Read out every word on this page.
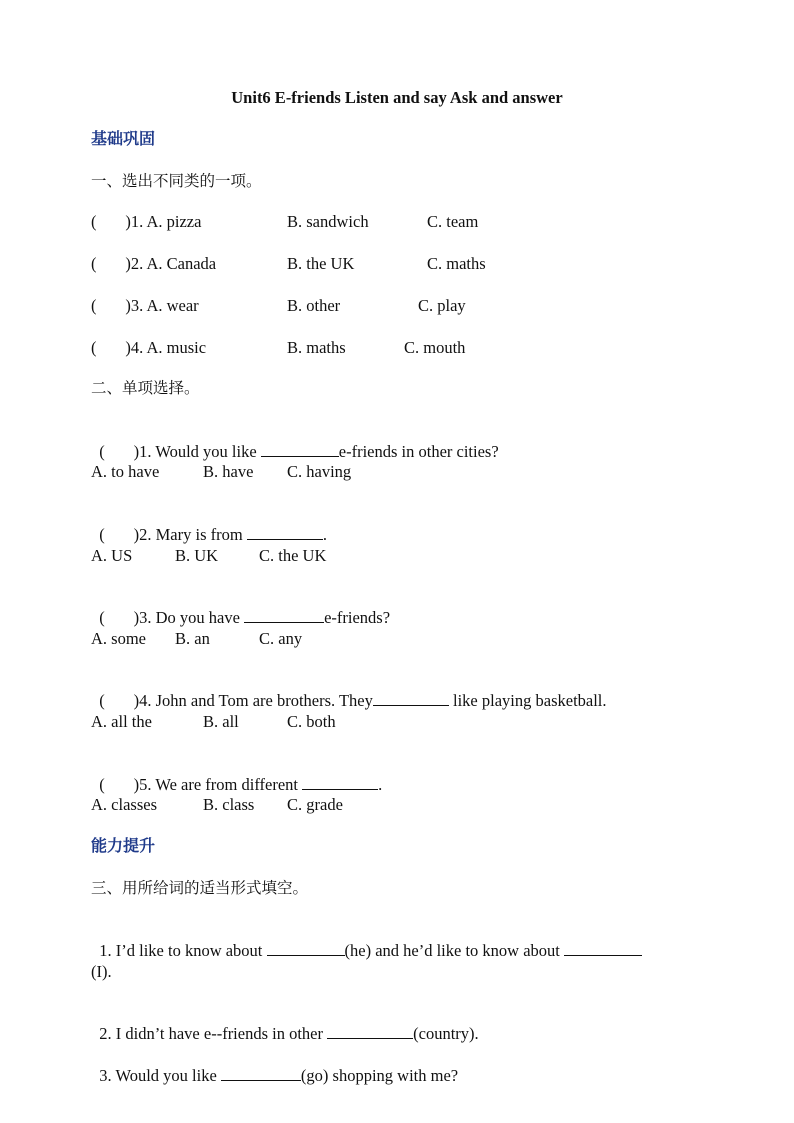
Unit6 E-friends Listen and say Ask and answer
基础巩固
一、选出不同类的一项。
(       )1. A. pizza	B. sandwich	C. team
(       )2. A. Canada	B. the UK	C. maths
(       )3. A. wear	B. other	C. play
(       )4. A. music	B. maths	C. mouth
二、单项选择。

(       )1. Would you like	e-friends in other cities?

A. to have	B. have C. having

(       )2. Mary is from	.

A. US	B. UK C. the UK

(       )3. Do you have	e-friends?

A. some B. an	C. any

(       )4. John and Tom are brothers. They	like playing basketball.

A. all the	B. all	C. both

(       )5. We are from different	.

A. classes	B. class C. grade
能力提升
三、用所给词的适当形式填空。

1. I’d like to know about	(he) and he’d like to know about

(I).

2. I didn’t have e--friends in other	(country).

3. Would you like	(go) shopping with me?
